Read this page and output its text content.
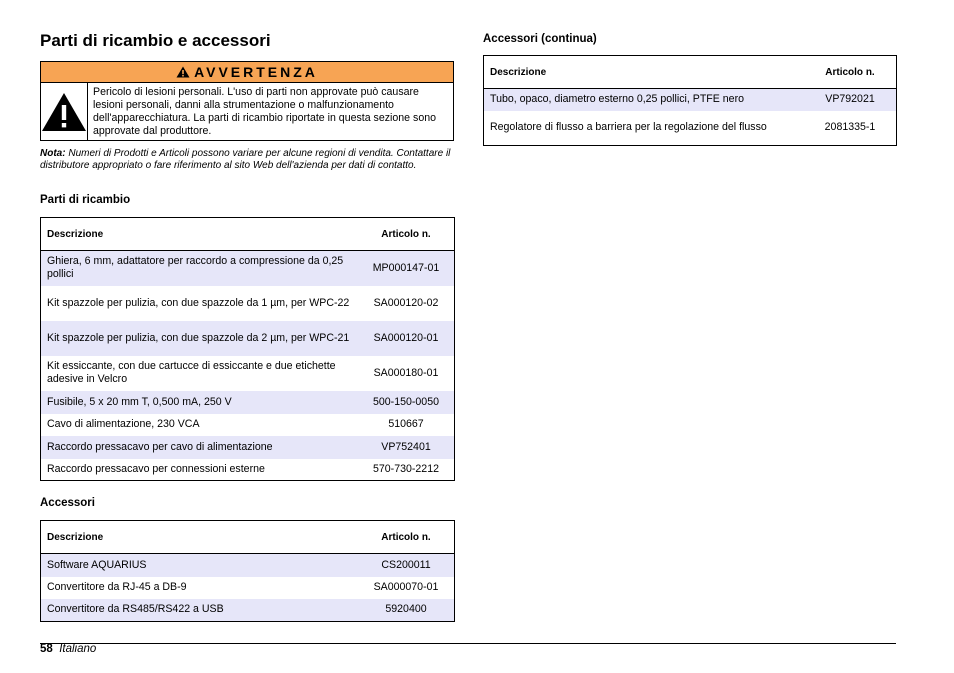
Parti di ricambio e accessori
AVVERTENZA
Pericolo di lesioni personali. L'uso di parti non approvate può causare lesioni personali, danni alla strumentazione o malfunzionamento dell'apparecchiatura. La parti di ricambio riportate in questa sezione sono approvate dal produttore.
Nota: Numeri di Prodotti e Articoli possono variare per alcune regioni di vendita. Contattare il distributore appropriato o fare riferimento al sito Web dell'azienda per dati di contatto.
Parti di ricambio
Descrizione	Articolo n.
Ghiera, 6 mm, adattatore per raccordo a compressione da 0,25 pollici	MP000147-01
Kit spazzole per pulizia, con due spazzole da 1 µm, per WPC-22	SA000120-02
Kit spazzole per pulizia, con due spazzole da 2 µm, per WPC-21	SA000120-01
Kit essiccante, con due cartucce di essiccante e due etichette adesive in Velcro	SA000180-01
Fusibile, 5 x 20 mm T, 0,500 mA, 250 V	500-150-0050
Cavo di alimentazione, 230 VCA	510667
Raccordo pressacavo per cavo di alimentazione	VP752401
Raccordo pressacavo per connessioni esterne	570-730-2212
Accessori
Descrizione	Articolo n.
Software AQUARIUS	CS200011
Convertitore da RJ-45 a DB-9	SA000070-01
Convertitore da RS485/RS422 a USB	5920400
Accessori (continua)
Descrizione	Articolo n.
Tubo, opaco, diametro esterno 0,25 pollici, PTFE nero	VP792021
Regolatore di flusso a barriera per la regolazione del flusso	2081335-1
58 Italiano
